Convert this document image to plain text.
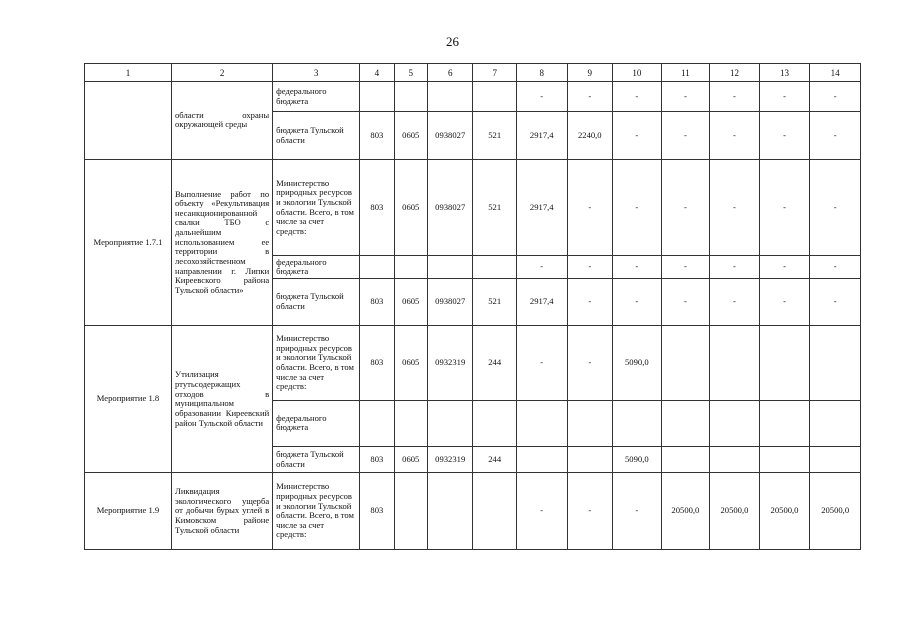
26
1	2	3	4	5	6	7	8	9	10	11	12	13	14
	области охраны окружающей среды	федерального бюджета					-	-	-	-	-	-	-
		бюджета Тульской области	803	0605	0938027	521	2917,4	2240,0	-	-	-	-	-
Мероприятие 1.7.1	Выполнение работ по объекту «Рекультивация несанкционированной свалки ТБО с дальнейшим использованием ее территории в лесохозяйственном направлении г. Липки Киреевского района Тульской области»	Министерство природных ресурсов и экологии Тульской области. Всего, в том числе за счет средств:	803	0605	0938027	521	2917,4	-	-	-	-	-	-
		федерального бюджета					-	-	-	-	-	-	-
		бюджета Тульской области	803	0605	0938027	521	2917,4	-	-	-	-	-	-
Мероприятие 1.8	Утилизация ртутьсодержащих отходов в муниципальном образовании Киреевский район Тульской области	Министерство природных ресурсов и экологии Тульской области. Всего, в том числе за счет средств:	803	0605	0932319	244	-	-	5090,0				
		федерального бюджета											
		бюджета Тульской области	803	0605	0932319	244			5090,0				
Мероприятие 1.9	Ликвидация экологического ущерба от добычи бурых углей в Кимовском районе Тульской области	Министерство природных ресурсов и экологии Тульской области. Всего, в том числе за счет средств:	803				-	-	-	20500,0	20500,0	20500,0	20500,0
